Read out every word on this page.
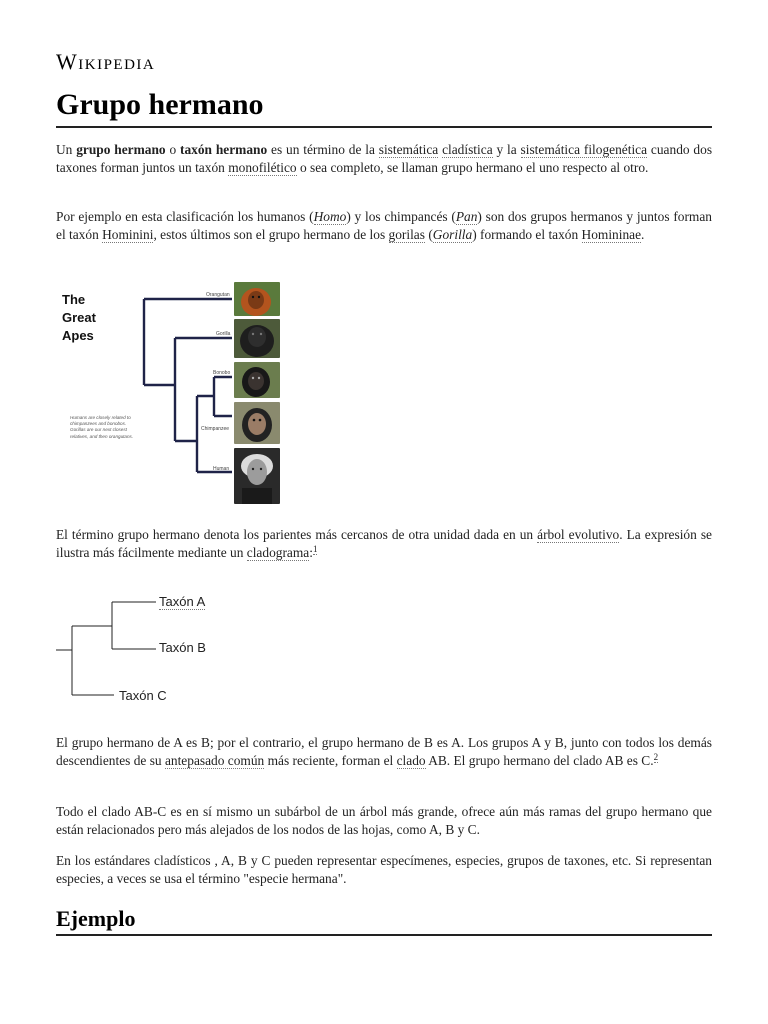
Wikipedia
Grupo hermano

Un grupo hermano o taxón hermano es un término de la sistemática cladística y la sistemática filogenética cuando dos taxones forman juntos un taxón monofilético o sea completo, se llaman grupo hermano el uno respecto al otro.

Por ejemplo en esta clasificación los humanos (Homo) y los chimpancés (Pan) son dos grupos hermanos y juntos forman el taxón Hominini, estos últimos son el grupo hermano de los gorilas (Gorilla) formando el taxón Homininae.

The Great Apes
Humans are closely related to chimpanzees and bonobos. Gorillas are our next closest relatives, and then orangutans.
Orangutan
Gorilla
Bonobo
Chimpanzee
Human

El término grupo hermano denota los parientes más cercanos de otra unidad dada en un árbol evolutivo. La expresión se ilustra más fácilmente mediante un cladograma:$^1$

Taxón A
Taxón B
Taxón C

El grupo hermano de A es B; por el contrario, el grupo hermano de B es A. Los grupos A y B, junto con todos los demás descendientes de su antepasado común más reciente, forman el clado AB. El grupo hermano del clado AB es C.$^2$

Todo el clado AB-C es en sí mismo un subárbol de un árbol más grande, ofrece aún más ramas del grupo hermano que están relacionados pero más alejados de los nodos de las hojas, como A, B y C.

En los estándares cladísticos , A, B y C pueden representar especímenes, especies, grupos de taxones, etc. Si representan especies, a veces se usa el término "especie hermana".

Ejemplo
